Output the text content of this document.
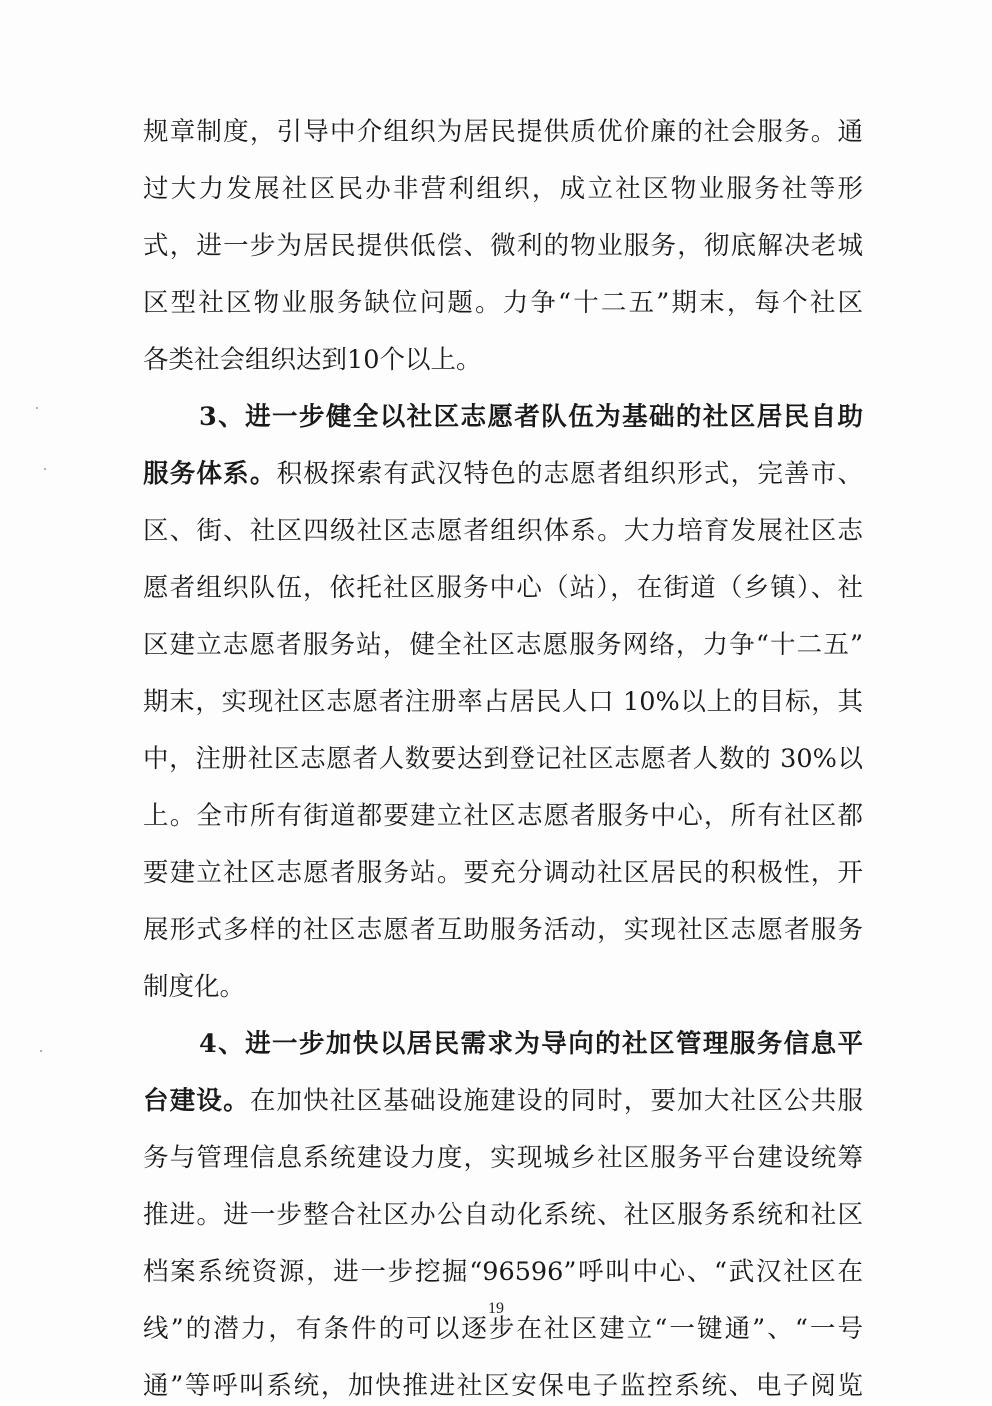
规章制度，引导中介组织为居民提供质优价廉的社会服务。通
过大力发展社区民办非营利组织，成立社区物业服务社等形
式，进一步为居民提供低偿、微利的物业服务，彻底解决老城
区型社区物业服务缺位问题。力争“十二五”期末，每个社区
各类社会组织达到10个以上。
3、进一步健全以社区志愿者队伍为基础的社区居民自助
服务体系。积极探索有武汉特色的志愿者组织形式，完善市、
区、街、社区四级社区志愿者组织体系。大力培育发展社区志
愿者组织队伍，依托社区服务中心（站），在街道（乡镇）、社
区建立志愿者服务站，健全社区志愿服务网络，力争“十二五”
期末，实现社区志愿者注册率占居民人口 10%以上的目标，其
中，注册社区志愿者人数要达到登记社区志愿者人数的 30%以
上。全市所有街道都要建立社区志愿者服务中心，所有社区都
要建立社区志愿者服务站。要充分调动社区居民的积极性，开
展形式多样的社区志愿者互助服务活动，实现社区志愿者服务
制度化。
4、进一步加快以居民需求为导向的社区管理服务信息平
台建设。在加快社区基础设施建设的同时，要加大社区公共服
务与管理信息系统建设力度，实现城乡社区服务平台建设统筹
推进。进一步整合社区办公自动化系统、社区服务系统和社区
档案系统资源，进一步挖掘“96596”呼叫中心、“武汉社区在
线”的潜力，有条件的可以逐步在社区建立“一键通”、“一号
通”等呼叫系统，加快推进社区安保电子监控系统、电子阅览
19
